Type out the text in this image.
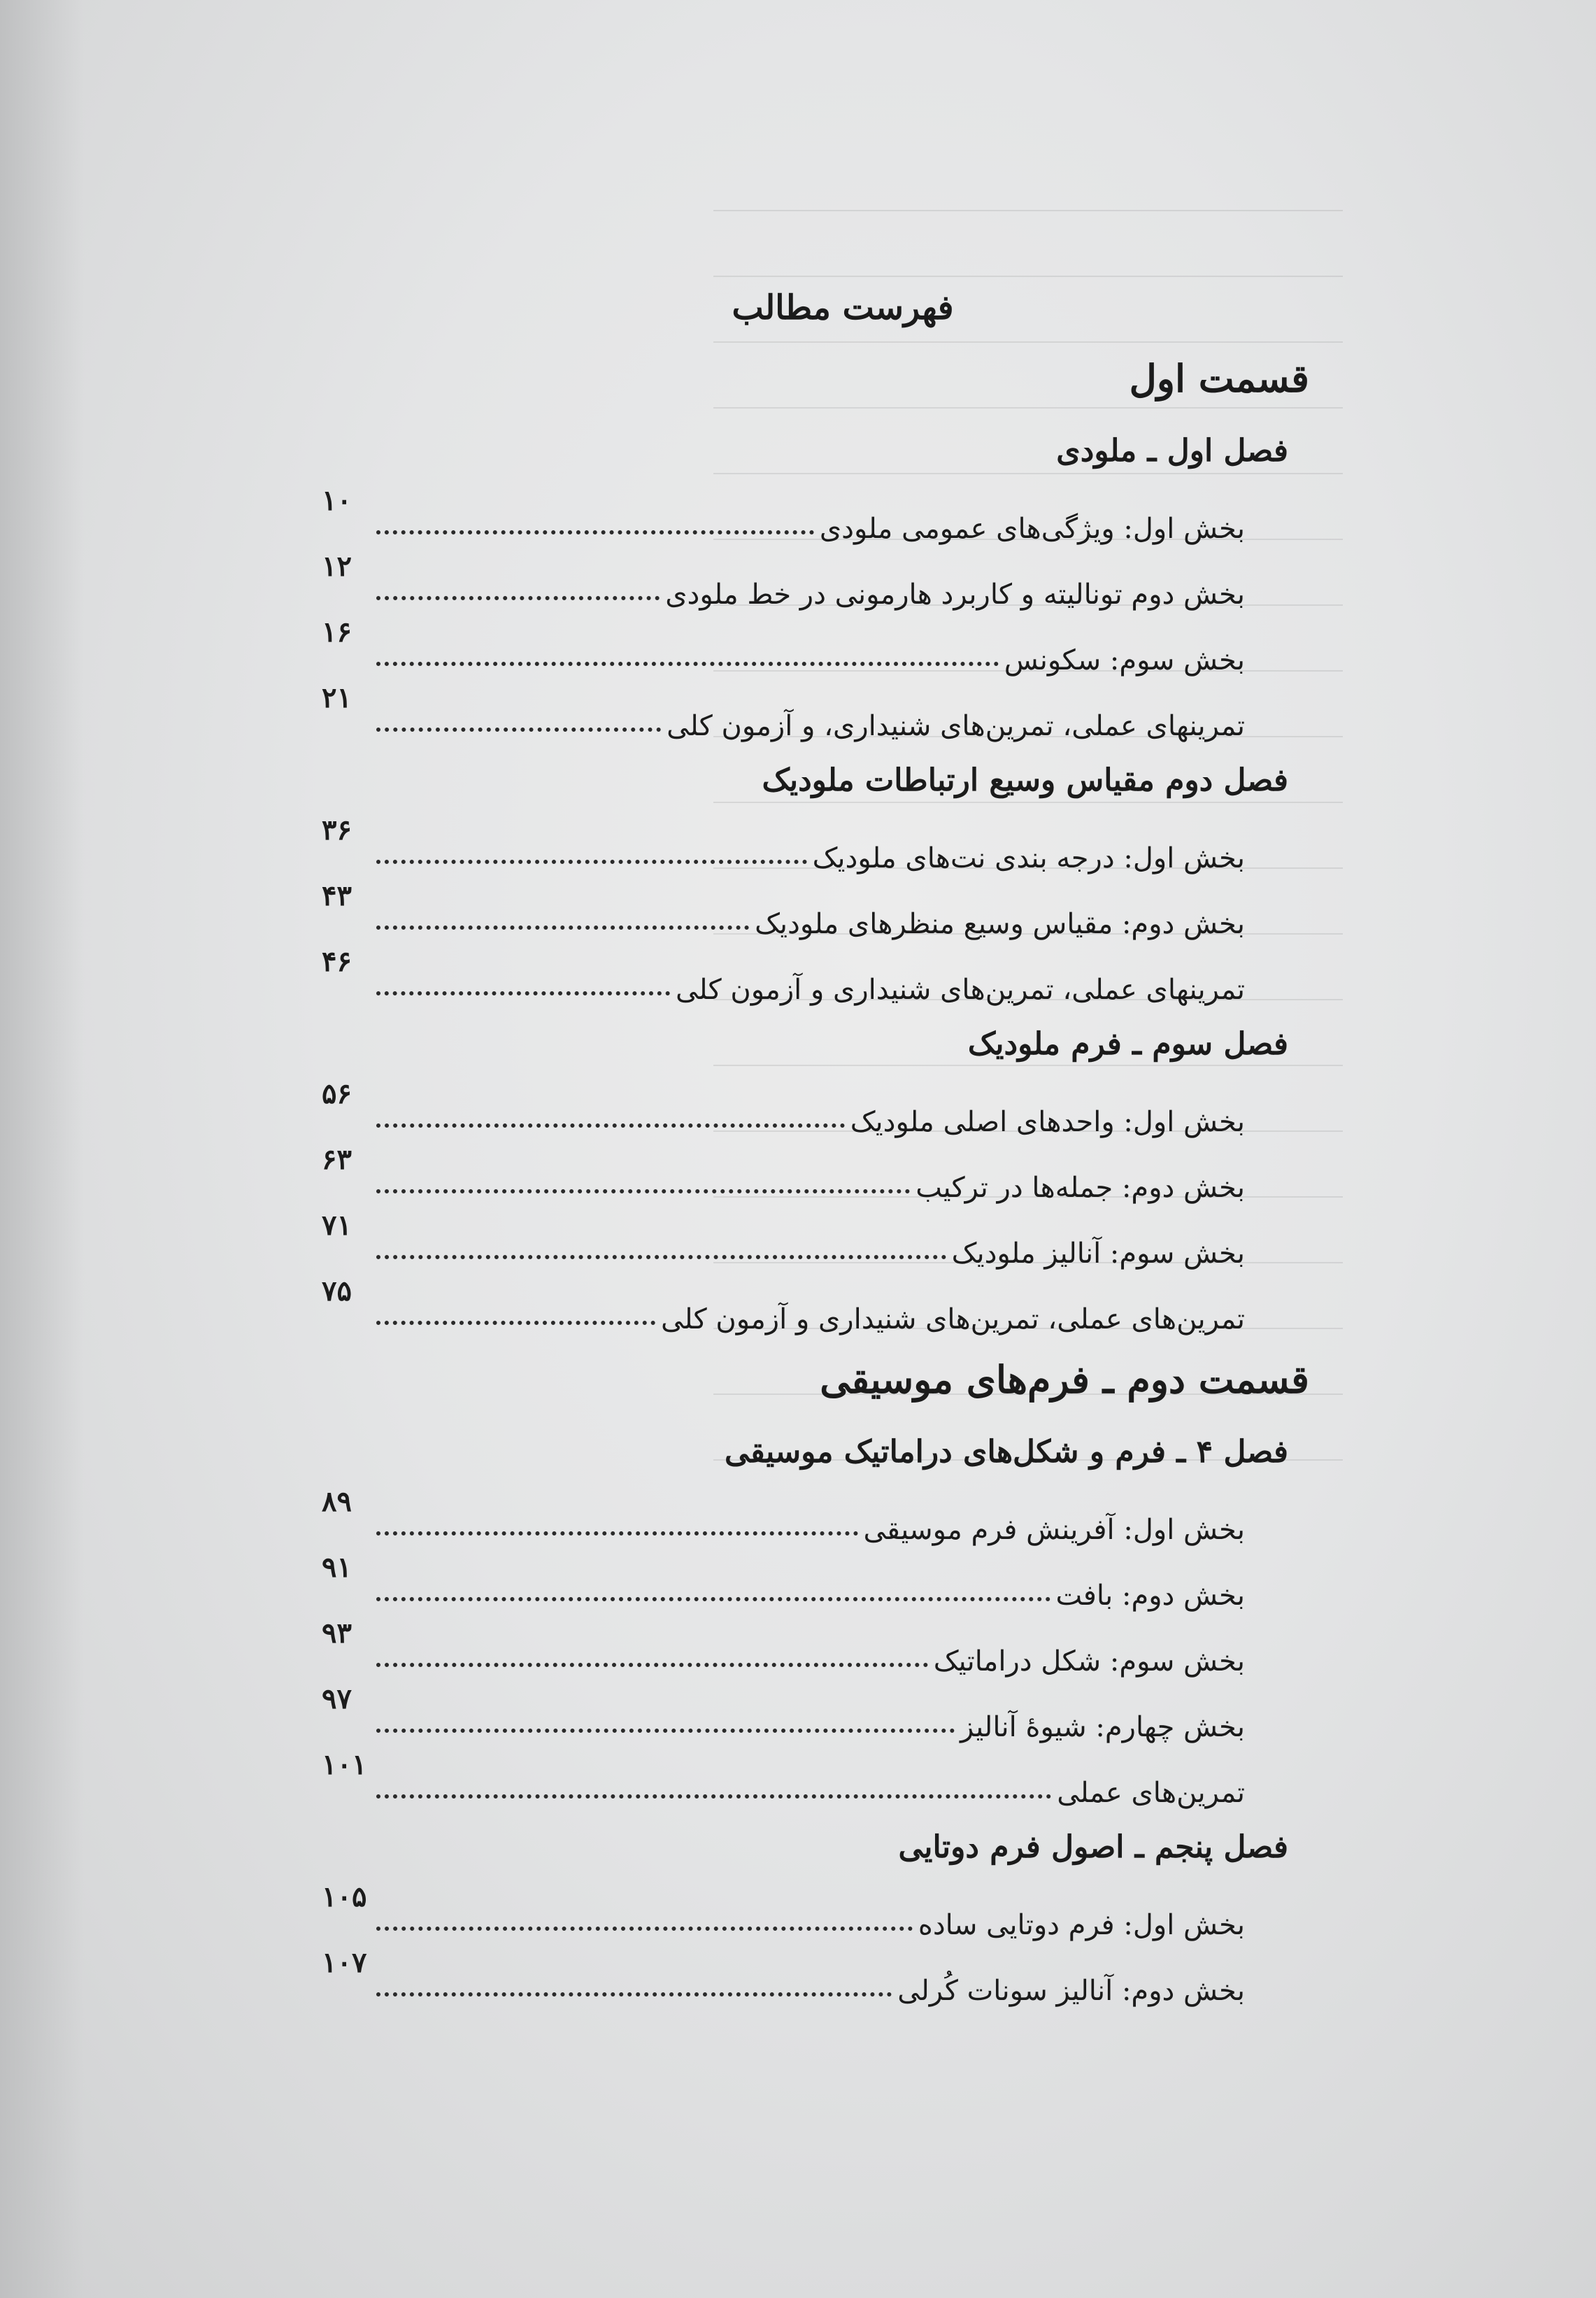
فهرست مطالب
قسمت اول
فصل اول ـ ملودی
بخش اول: ویژگی‌های عمومی ملودی
۱۰
بخش دوم تونالیته و کاربرد هارمونی در خط ملودی
۱۲
بخش سوم: سکونس
۱۶
تمرینهای عملی، تمرین‌های شنیداری، و آزمون کلی
۲۱
فصل دوم مقیاس وسیع ارتباطات ملودیک
بخش اول: درجه بندی نت‌های ملودیک
۳۶
بخش دوم: مقیاس وسیع منظرهای ملودیک
۴۳
تمرینهای عملی، تمرین‌های شنیداری و آزمون کلی
۴۶
فصل سوم ـ فرم ملودیک
بخش اول: واحدهای اصلی ملودیک
۵۶
بخش دوم: جمله‌ها در ترکیب
۶۳
بخش سوم: آنالیز ملودیک
۷۱
تمرین‌های عملی، تمرین‌های شنیداری و آزمون کلی
۷۵
قسمت دوم ـ فرم‌های موسیقی
فصل ۴ ـ فرم و شکل‌های دراماتیک موسیقی
بخش اول: آفرینش فرم موسیقی
۸۹
بخش دوم: بافت
۹۱
بخش سوم: شکل دراماتیک
۹۳
بخش چهارم: شیوهٔ آنالیز
۹۷
تمرین‌های عملی
۱۰۱
فصل پنجم ـ اصول فرم دوتایی
بخش اول: فرم دوتایی ساده
۱۰۵
بخش دوم: آنالیز سونات کُرلی
۱۰۷
